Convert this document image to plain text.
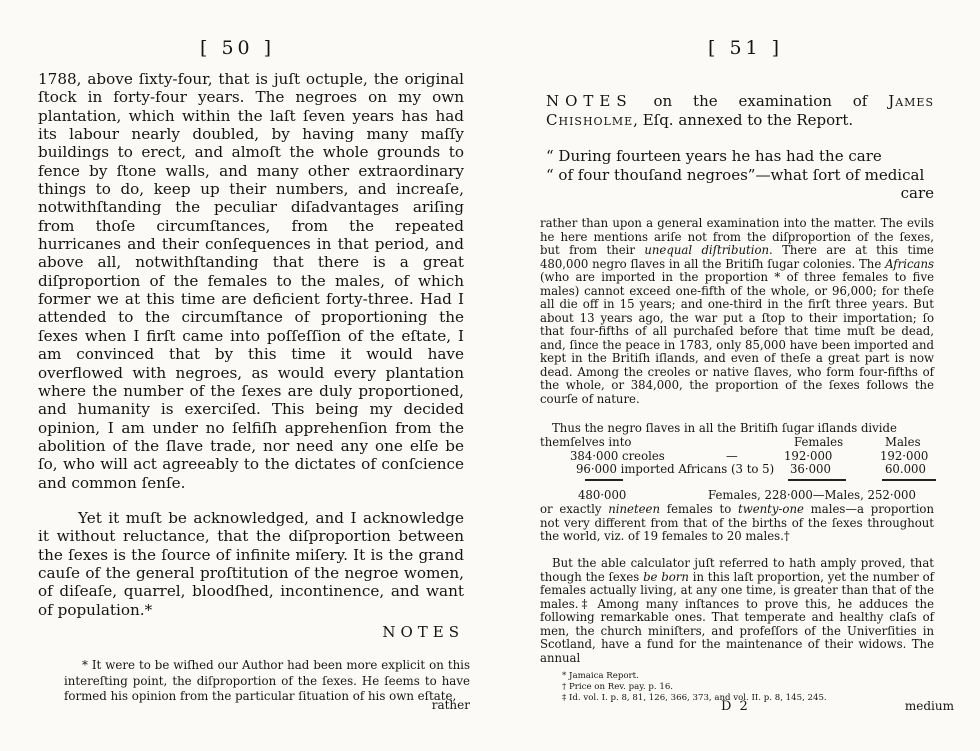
[ 50 ]

1788, above ſixty-four, that is juſt octuple, the original ſtock in forty-four years. The negroes on my own plantation, which within the laſt ſeven years has had its labour nearly doubled, by having many maſſy buildings to erect, and almoſt the whole grounds to fence by ſtone walls, and many other extraordinary things to do, keep up their numbers, and increaſe, notwithſtanding the peculiar diſadvantages ariſing from thoſe circumſtances, from the repeated hurricanes and their conſequences in that period, and above all, notwithſtanding that there is a great diſproportion of the females to the males, of which former we at this time are deficient forty-three. Had I attended to the circumſtance of proportioning the ſexes when I firſt came into poſſeſſion of the eſtate, I am convinced that by this time it would have overflowed with negroes, as would every plantation where the number of the ſexes are duly proportioned, and humanity is exerciſed. This being my decided opinion, I am under no ſelfiſh apprehenſion from the abolition of the ſlave trade, nor need any one elſe be ſo, who will act agreeably to the dictates of conſcience and common ſenſe.

Yet it muſt be acknowledged, and I acknowledge it without reluctance, that the diſproportion between the ſexes is the ſource of infinite miſery. It is the grand cauſe of the general proſtitution of the negroe women, of diſeaſe, quarrel, bloodſhed, incontinence, and want of population.*

NOTES

* It were to be wiſhed our Author had been more explicit on this intereſting point, the diſproportion of the ſexes. He ſeems to have formed his opinion from the particular ſituation of his own eſtate,

rather
[ 51 ]
NOTES on the examination of James Chisholme, Eſq. annexed to the Report.
“ During fourteen years he has had the care
“ of four thouſand negroes”—what ſort of medical
care

rather than upon a general examination into the matter. The evils he here mentions ariſe not from the diſproportion of the ſexes, but from their unequal diſtribution. There are at this time 480,000 negro ſlaves in all the Britiſh ſugar colonies. The Africans (who are imported in the proportion * of three females to five males) cannot exceed one-fifth of the whole, or 96,000; for theſe all die off in 15 years; and one-third in the firſt three years. But about 13 years ago, the war put a ſtop to their importation; ſo that four-fifths of all purchaſed before that time muſt be dead, and, ſince the peace in 1783, only 85,000 have been imported and kept in the Britiſh iſlands, and even of theſe a great part is now dead. Among the creoles or native ſlaves, who form four-fifths of the whole, or 384,000, the proportion of the ſexes follows the courſe of nature.

Thus the negro ſlaves in all the Britiſh ſugar iſlands divide themſelves into	Females	Males
384·000 creoles	—	192·000	192·000
96·000 imported Africans (3 to 5) 36·000	60.000
480·000	Females, 228·000—Males, 252·000

or exactly nineteen females to twenty-one males—a proportion not very different from that of the births of the ſexes throughout the world, viz. of 19 females to 20 males.†

But the able calculator juſt referred to hath amply proved, that though the ſexes be born in this laſt proportion, yet the number of females actually living, at any one time, is greater than that of the males.‡ Among many inſtances to prove this, he adduces the following remarkable ones. That temperate and healthy claſs of men, the church miniſters, and profeſſors of the Univerſities in Scotland, have a fund for the maintenance of their widows. The annual

* Jamaica Report.
† Price on Rev. pay. p. 16.
‡ Id. vol. I. p. 8, 81, 126, 366, 373, and vol. II. p. 8, 145, 245.
D 2	medium
